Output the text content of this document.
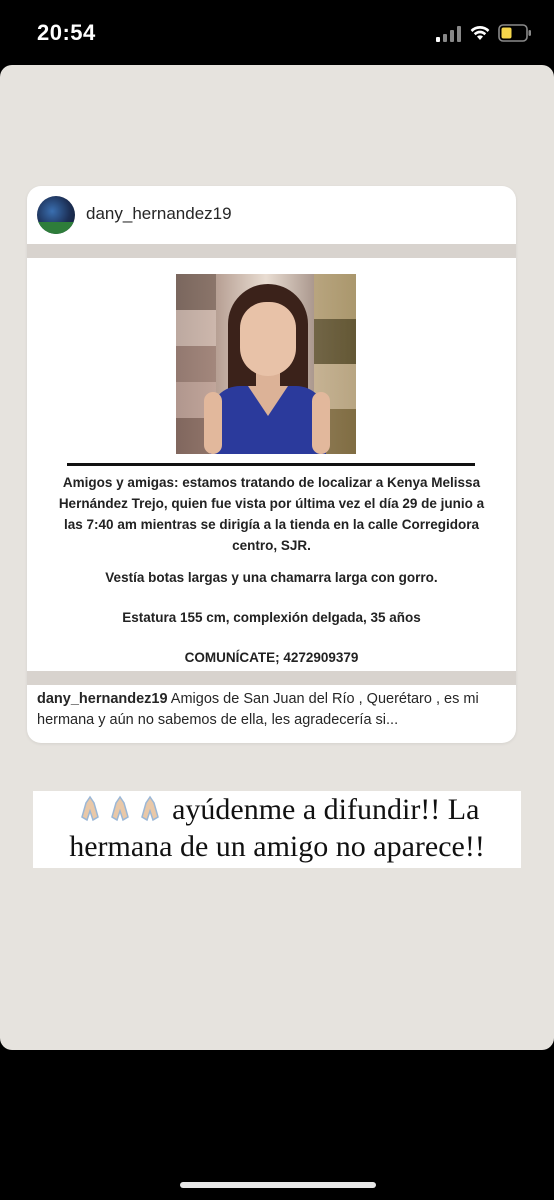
20:54
dany_hernandez19
Amigos y amigas: estamos tratando de localizar a Kenya Melissa Hernández Trejo, quien fue vista por última vez el día 29 de junio a las 7:40 am mientras se dirigía a la tienda en la calle Corregidora centro, SJR.
Vestía botas largas y una chamarra larga con gorro.
Estatura 155 cm, complexión delgada, 35 años
COMUNÍCATE; 4272909379
dany_hernandez19 Amigos de San Juan del Río , Querétaro , es mi hermana y aún no sabemos de ella, les agradecería si...
ayúdenme a difundir!! La
hermana de un amigo no aparece!!
